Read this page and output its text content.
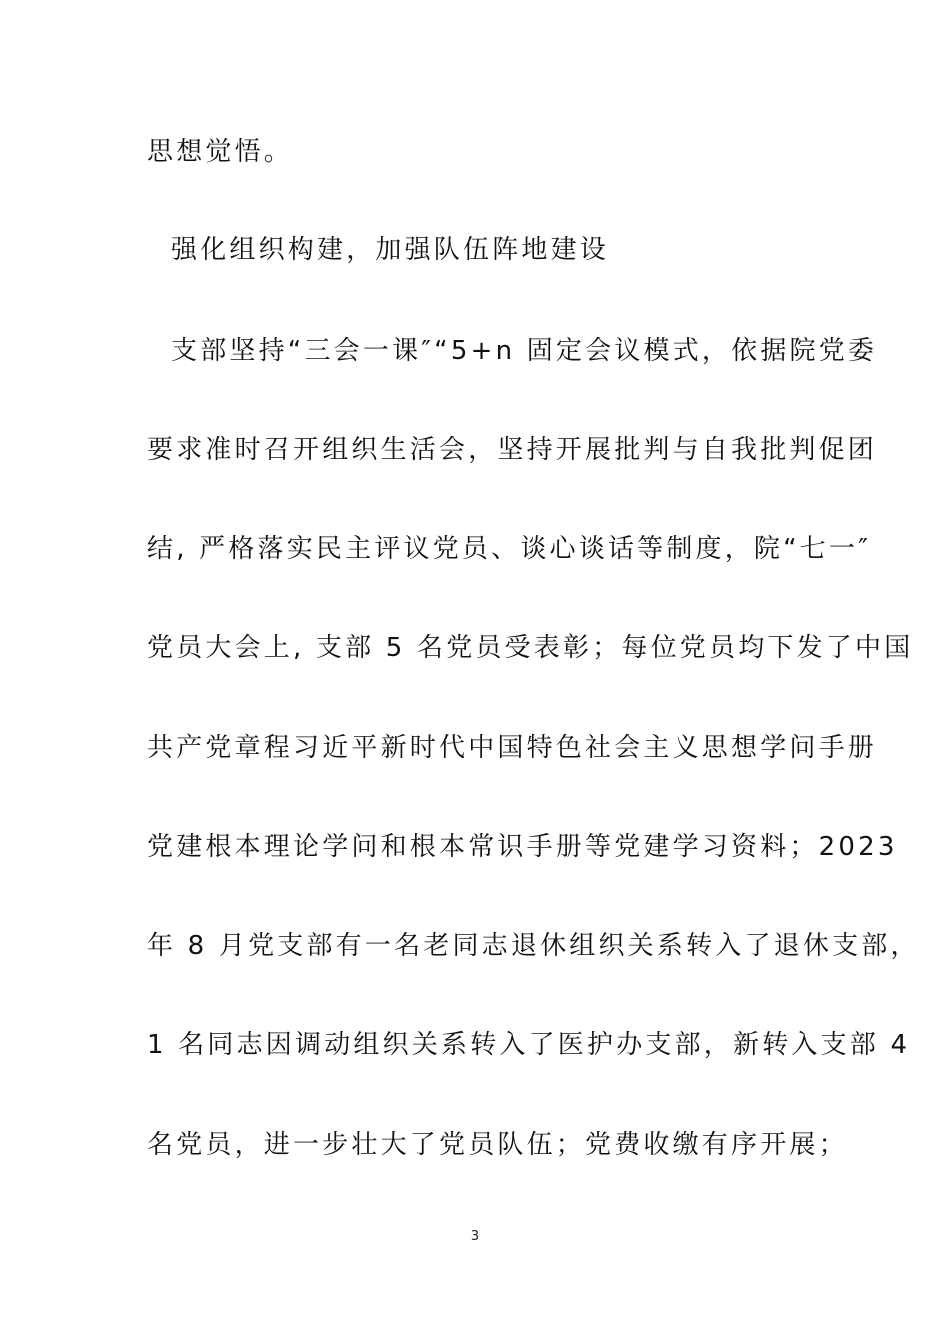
思想觉悟。
强化组织构建，加强队伍阵地建设
支部坚持“三会一课″“5+n 固定会议模式，依据院党委
要求准时召开组织生活会，坚持开展批判与自我批判促团
结, 严格落实民主评议党员、谈心谈话等制度，院“七一″
党员大会上, 支部 5 名党员受表彰；每位党员均下发了中国
共产党章程习近平新时代中国特色社会主义思想学问手册
党建根本理论学问和根本常识手册等党建学习资料；2023
年 8 月党支部有一名老同志退休组织关系转入了退休支部，
1 名同志因调动组织关系转入了医护办支部，新转入支部 4
名党员，进一步壮大了党员队伍；党费收缴有序开展；
3
